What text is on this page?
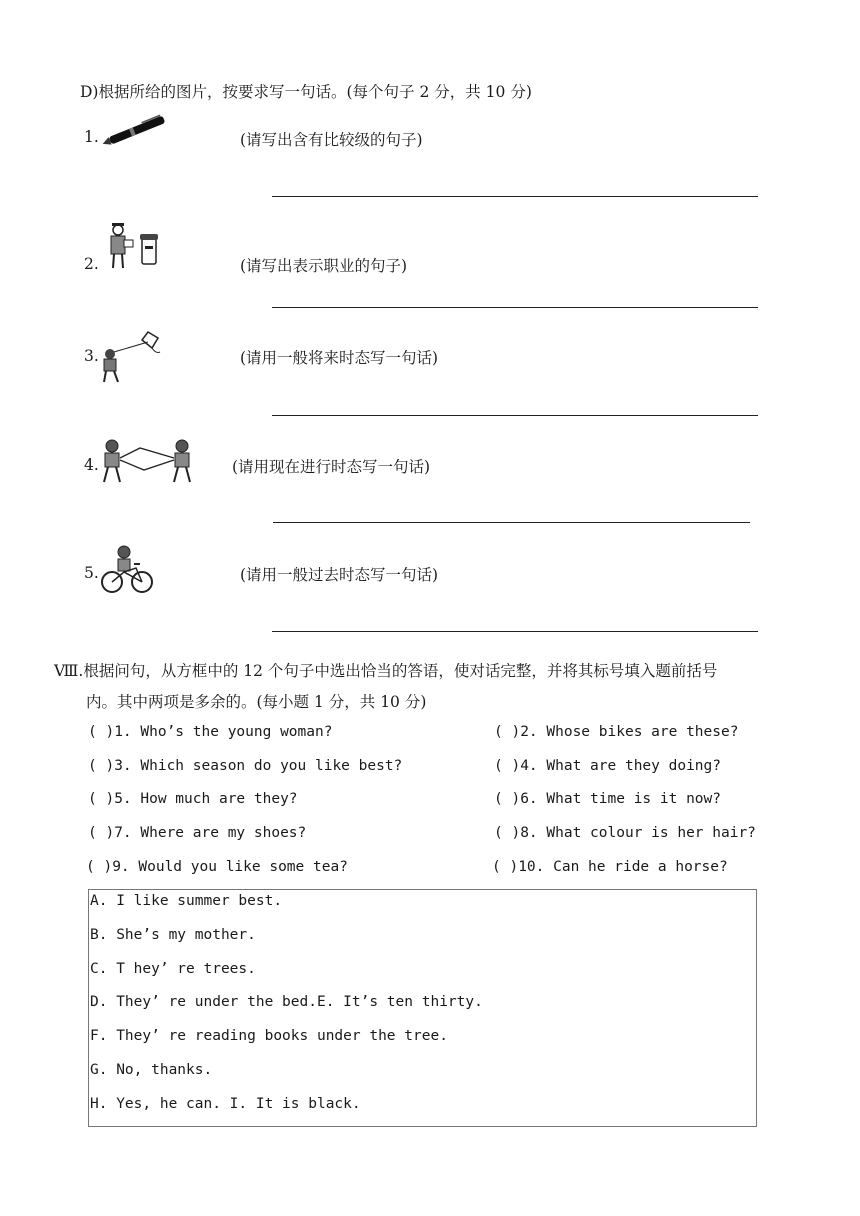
D)根据所给的图片，按要求写一句话。(每个句子 2 分，共 10 分)
1.	(请写出含有比较级的句子)
2.	(请写出表示职业的句子)
3.	(请用一般将来时态写一句话)
4.	(请用现在进行时态写一句话)
5.	(请用一般过去时态写一句话)
Ⅷ.根据问句，从方框中的 12 个句子中选出恰当的答语，使对话完整，并将其标号填入题前括号
内。其中两项是多余的。(每小题 1 分，共 10 分)
( )1. Who’s the young woman?
( )3. Which season do you like best?
( )5. How much are they?
( )7. Where are my shoes?
( )9. Would you like some tea?
( )2. Whose bikes are these?
( )4. What are they doing?
( )6. What time is it now?
( )8. What colour is her hair?
( )10. Can he ride a horse?
A. I like summer best.
B. She’s my mother.
C. T hey’ re trees.
D. They’ re under the bed.E. It’s ten thirty.
F. They’ re reading books under the tree.
G. No, thanks.
H. Yes, he can. I. It is black.
